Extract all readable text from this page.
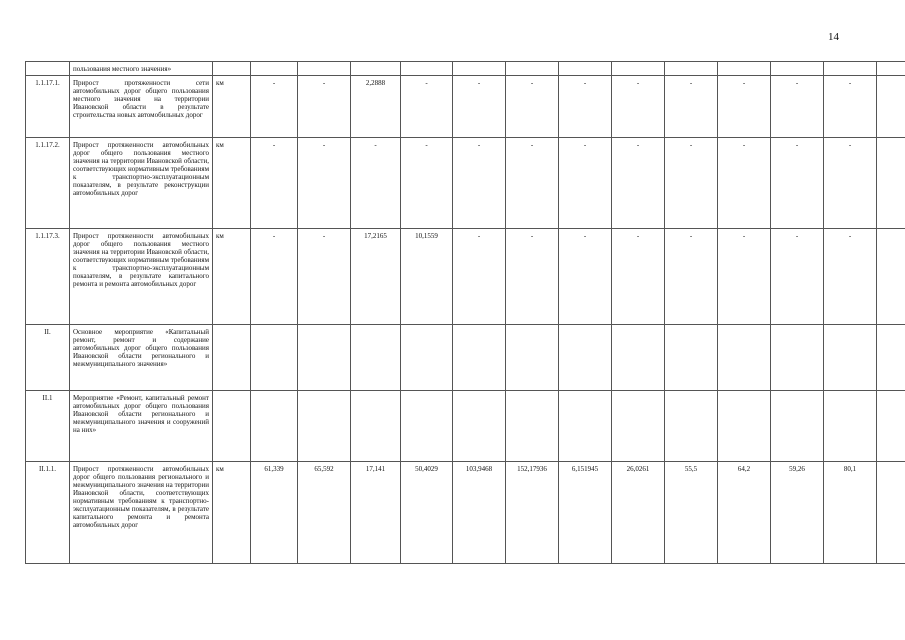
14
	пользования местного значения»														
1.1.17.1.	Прирост протяженности сети автомобильных дорог общего пользования местного значения на территории Ивановской области в результате строительства новых автомобильных дорог	км	-	-	2,2888	-	-	-	-	-	-	-	-	-	
1.1.17.2.	Прирост протяженности автомобильных дорог общего пользования местного значения на территории Ивановской области, соответствующих нормативным требованиям к транспортно-эксплуатационным показателям, в результате реконструкции автомобильных дорог	км	-	-	-	-	-	-	-	-	-	-	-	-	
1.1.17.3.	Прирост протяженности автомобильных дорог общего пользования местного значения на территории Ивановской области, соответствующих нормативным требованиям к транспортно-эксплуатационным показателям, в результате капитального ремонта и ремонта автомобильных дорог	км	-	-	17,2165	10,1559	-	-	-	-	-	-	-	-	
II.	Основное мероприятие «Капитальный ремонт, ремонт и содержание автомобильных дорог общего пользования Ивановской области регионального и межмуниципального значения»														
II.1	Мероприятие «Ремонт, капитальный ремонт автомобильных дорог общего пользования Ивановской области регионального и межмуниципального значения и сооружений на них»														
II.1.1.	Прирост протяженности автомобильных дорог общего пользования регионального и межмуниципального значения на территории Ивановской области, соответствующих нормативным требованиям к транспортно-эксплуатационным показателям, в результате капитального ремонта и ремонта автомобильных дорог	км	61,339	65,592	17,141	50,4029	103,9468	152,17936	6,151945	26,0261	55,5	64,2	59,26	80,1	
